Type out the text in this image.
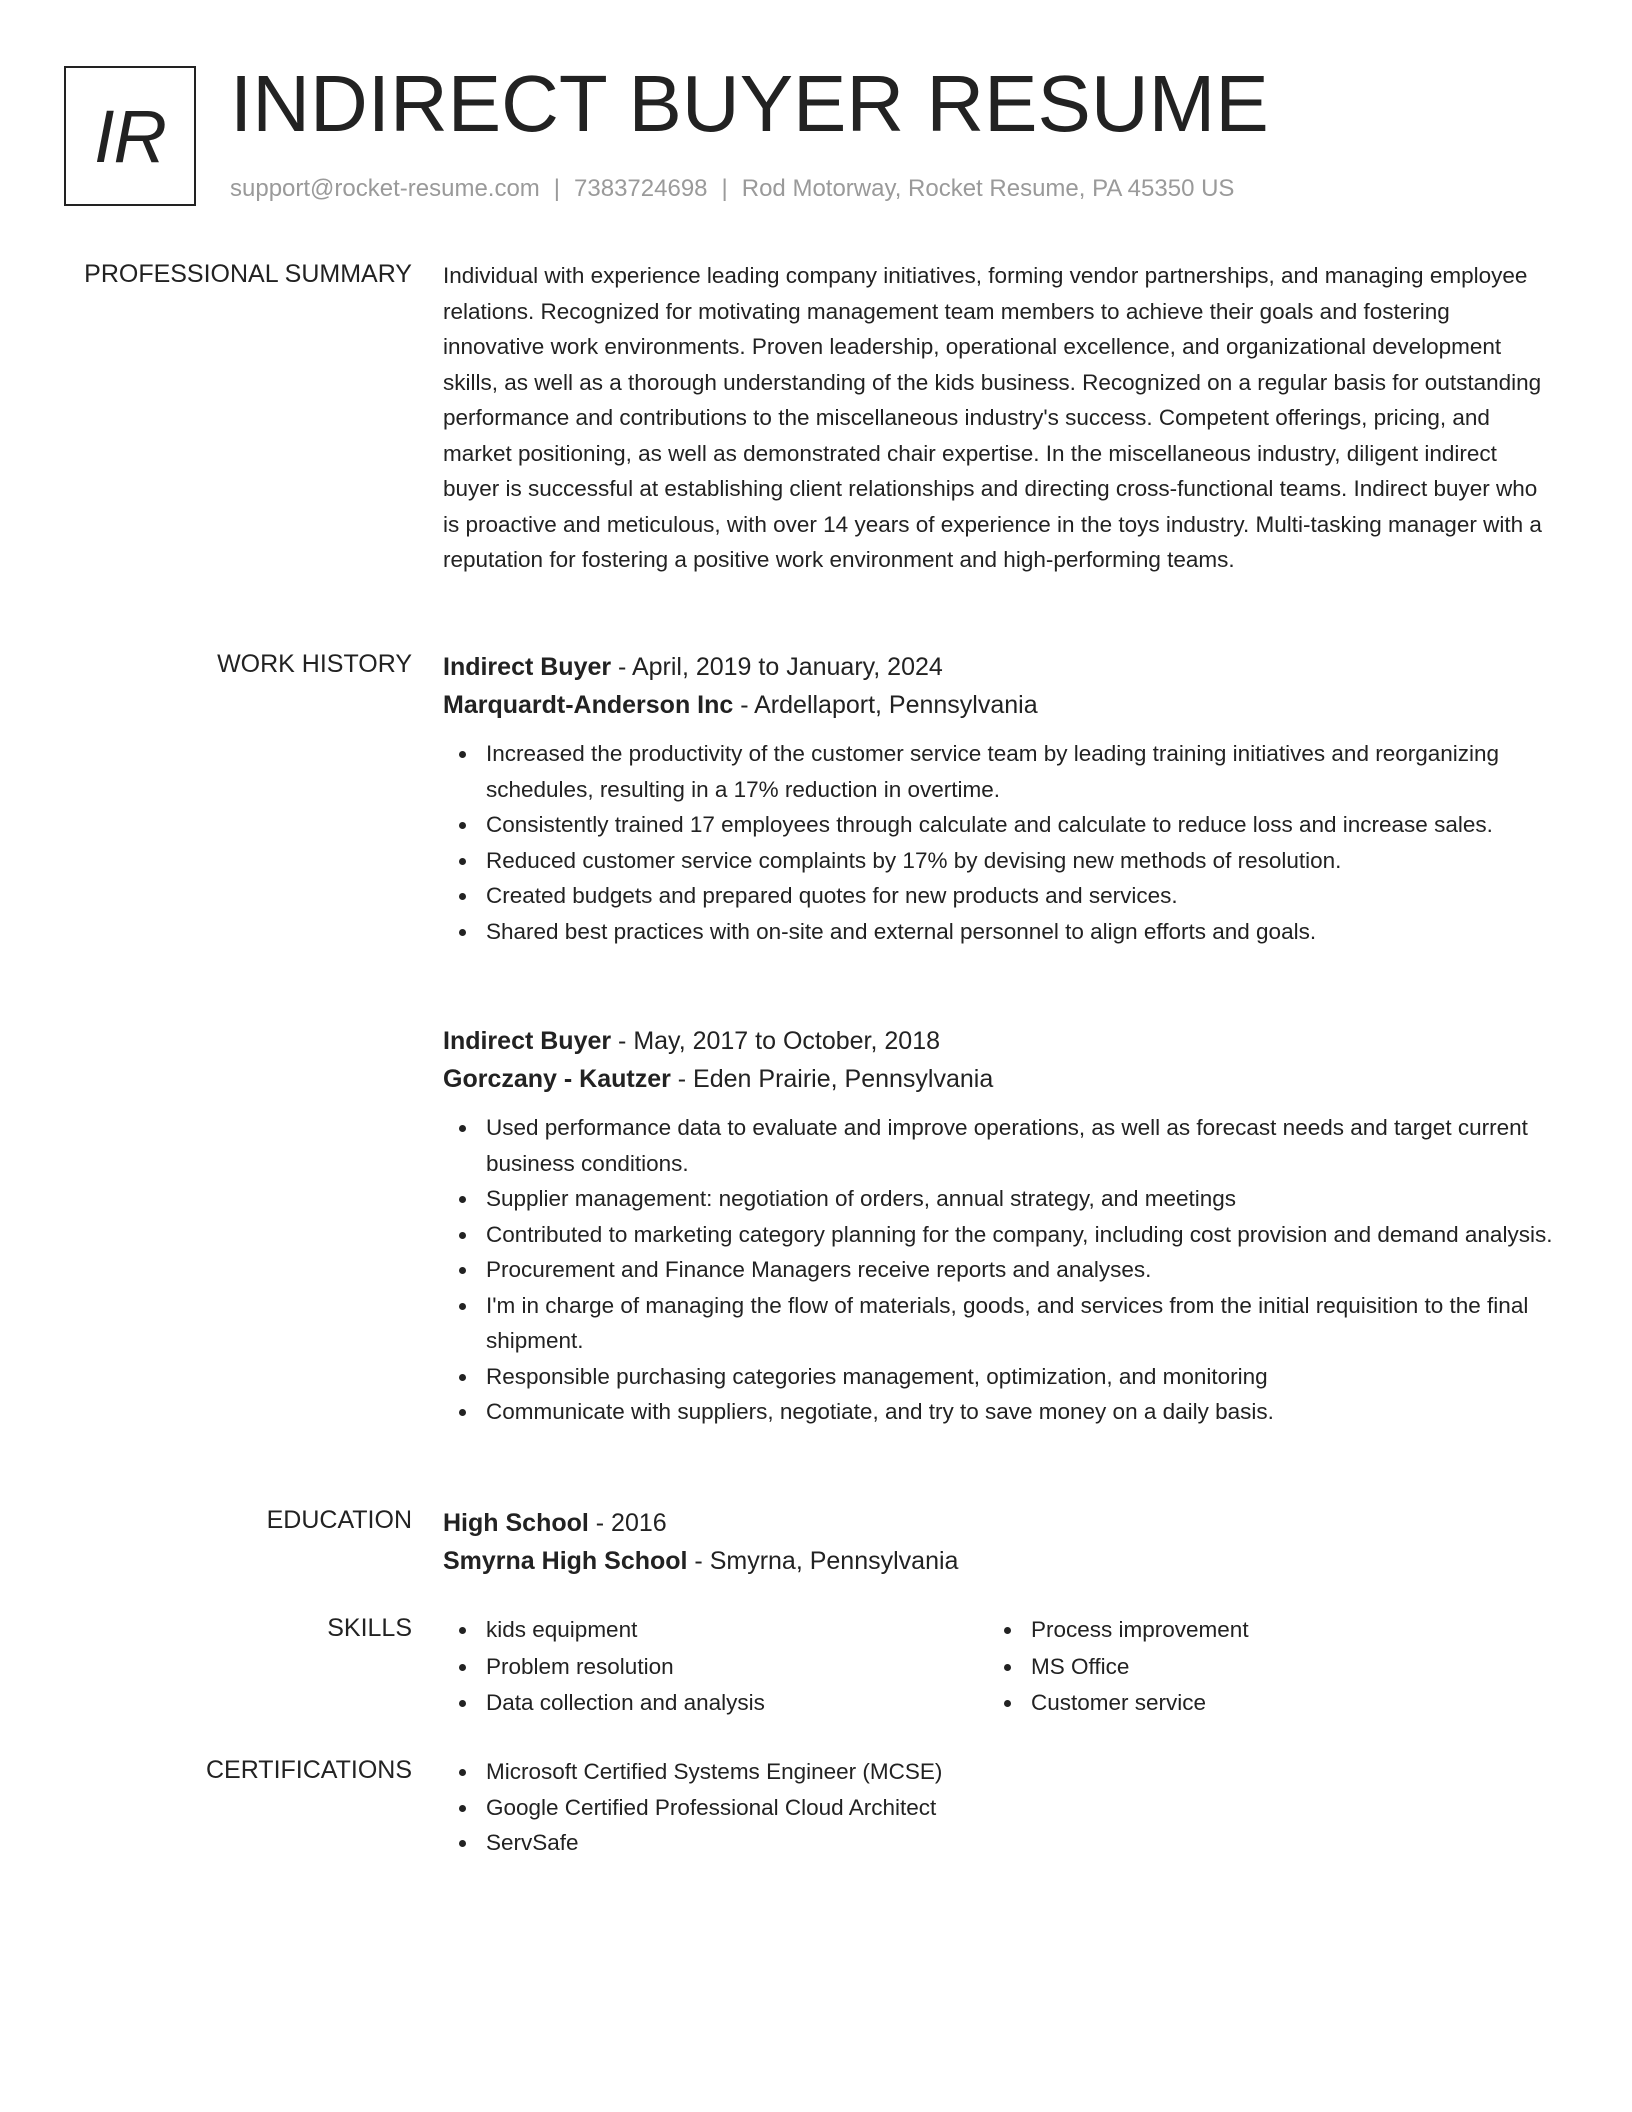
IR INDIRECT BUYER RESUME
support@rocket-resume.com | 7383724698 | Rod Motorway, Rocket Resume, PA 45350 US
PROFESSIONAL SUMMARY Individual with experience leading company initiatives, forming vendor partnerships, and managing employee relations. Recognized for motivating management team members to achieve their goals and fostering innovative work environments. Proven leadership, operational excellence, and organizational development skills, as well as a thorough understanding of the kids business. Recognized on a regular basis for outstanding performance and contributions to the miscellaneous industry's success. Competent offerings, pricing, and market positioning, as well as demonstrated chair expertise. In the miscellaneous industry, diligent indirect buyer is successful at establishing client relationships and directing cross-functional teams. Indirect buyer who is proactive and meticulous, with over 14 years of experience in the toys industry. Multi-tasking manager with a reputation for fostering a positive work environment and high-performing teams.

WORK HISTORY Indirect Buyer - April, 2019 to January, 2024
Marquardt-Anderson Inc - Ardellaport, Pennsylvania
Increased the productivity of the customer service team by leading training initiatives and reorganizing schedules, resulting in a 17% reduction in overtime.
Consistently trained 17 employees through calculate and calculate to reduce loss and increase sales.
Reduced customer service complaints by 17% by devising new methods of resolution.
Created budgets and prepared quotes for new products and services.
Shared best practices with on-site and external personnel to align efforts and goals.
Indirect Buyer - May, 2017 to October, 2018
Gorczany - Kautzer - Eden Prairie, Pennsylvania
Used performance data to evaluate and improve operations, as well as forecast needs and target current business conditions.
Supplier management: negotiation of orders, annual strategy, and meetings
Contributed to marketing category planning for the company, including cost provision and demand analysis.
Procurement and Finance Managers receive reports and analyses.
I'm in charge of managing the flow of materials, goods, and services from the initial requisition to the final shipment.
Responsible purchasing categories management, optimization, and monitoring
Communicate with suppliers, negotiate, and try to save money on a daily basis.
EDUCATION High School - 2016
Smyrna High School - Smyrna, Pennsylvania
SKILLS	kids equipment
Problem resolution
Data collection and analysis
Process improvement
MS Office
Customer service
CERTIFICATIONS	Microsoft Certified Systems Engineer (MCSE)
Google Certified Professional Cloud Architect
ServSafe
